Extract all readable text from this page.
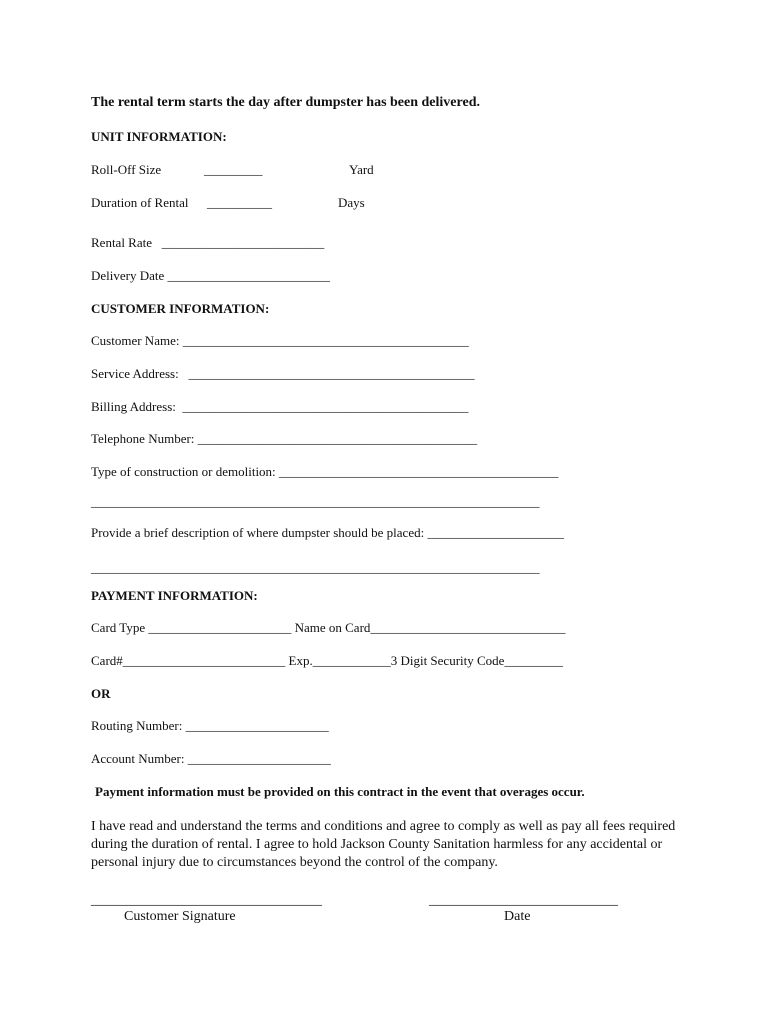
The rental term starts the day after dumpster has been delivered.
UNIT INFORMATION:
Roll-Off Size	_________	Yard
Duration of Rental __________	Days
Rental Rate   _________________________
Delivery Date _________________________
CUSTOMER INFORMATION:
Customer Name: ____________________________________________
Service Address:   ____________________________________________
Billing Address:  ____________________________________________
Telephone Number: ___________________________________________
Type of construction or demolition: ___________________________________________
_____________________________________________________________________
Provide a brief description of where dumpster should be placed: _____________________
_____________________________________________________________________
PAYMENT INFORMATION:
Card Type ______________________ Name on Card______________________________
Card#_________________________ Exp.____________3 Digit Security Code_________
OR
Routing Number: ______________________
Account Number: ______________________
Payment information must be provided on this contract in the event that overages occur.
I have read and understand the terms and conditions and agree to comply as well as pay all fees required during the duration of rental. I agree to hold Jackson County Sanitation harmless for any accidental or personal injury due to circumstances beyond the control of the company.
_________________________________
Customer Signature
___________________________
Date
